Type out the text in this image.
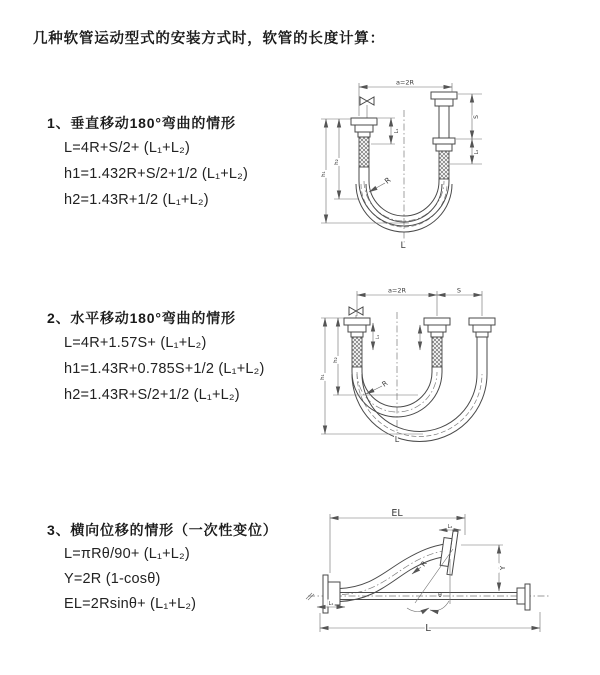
几种软管运动型式的安装方式时，软管的长度计算：
1、垂直移动180°弯曲的情形
L=4R+S/2+ (L₁+L₂)
h1=1.432R+S/2+1/2 (L₁+L₂)
h2=1.43R+1/2 (L₁+L₂)
a=2R
h₁
h₂
L₁
S
L₂
R
L
2、水平移动180°弯曲的情形
L=4R+1.57S+ (L₁+L₂)
h1=1.43R+0.785S+1/2 (L₁+L₂)
h2=1.43R+S/2+1/2 (L₁+L₂)
a=2R	S
h₁
h₂
L₁
R
L
3、横向位移的情形（一次性变位）
L=πRθ/90+ (L₁+L₂)
Y=2R (1-cosθ)
EL=2Rsinθ+ (L₁+L₂)
EL
L₂
Y
R
θ
L
L₁
